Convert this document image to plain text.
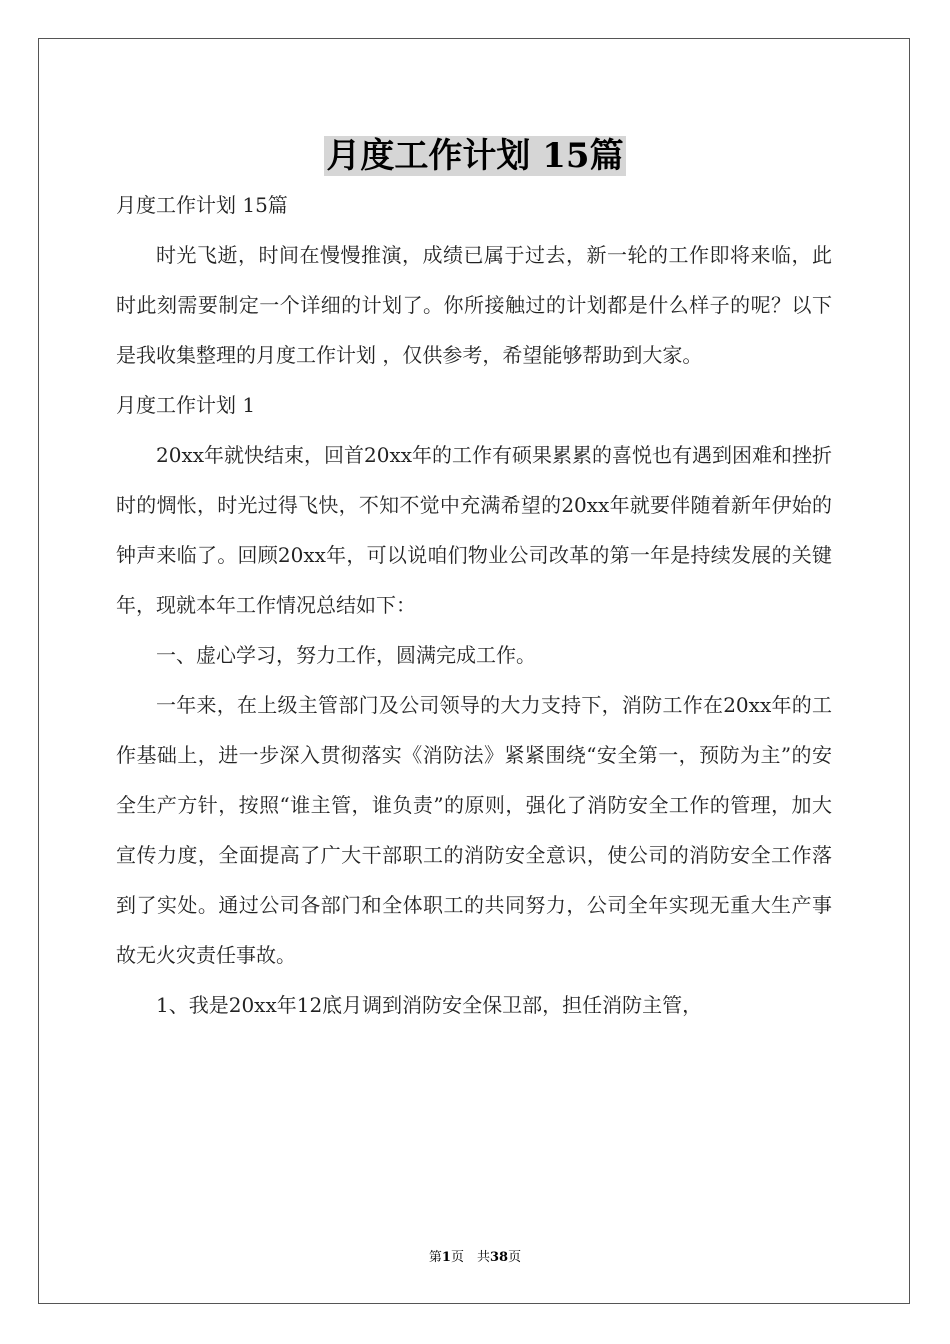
月度工作计划 15篇

月度工作计划 15篇

时光飞逝，时间在慢慢推演，成绩已属于过去，新一轮的工作即将来临，此时此刻需要制定一个详细的计划了。你所接触过的计划都是什么样子的呢？以下是我收集整理的月度工作计划 ，仅供参考，希望能够帮助到大家。

月度工作计划 1

20xx年就快结束，回首20xx年的工作有硕果累累的喜悦也有遇到困难和挫折时的惆怅，时光过得飞快，不知不觉中充满希望的20xx年就要伴随着新年伊始的钟声来临了。回顾20xx年，可以说咱们物业公司改革的第一年是持续发展的关键年，现就本年工作情况总结如下：

一、虚心学习，努力工作，圆满完成工作。

一年来，在上级主管部门及公司领导的大力支持下，消防工作在20xx年的工作基础上，进一步深入贯彻落实《消防法》紧紧围绕“安全第一，预防为主”的安全生产方针，按照“谁主管，谁负责”的原则，强化了消防安全工作的管理，加大宣传力度，全面提高了广大干部职工的消防安全意识，使公司的消防安全工作落到了实处。通过公司各部门和全体职工的共同努力，公司全年实现无重大生产事故无火灾责任事故。

1、我是20xx年12底月调到消防安全保卫部，担任消防主管，

第1页　共38页
